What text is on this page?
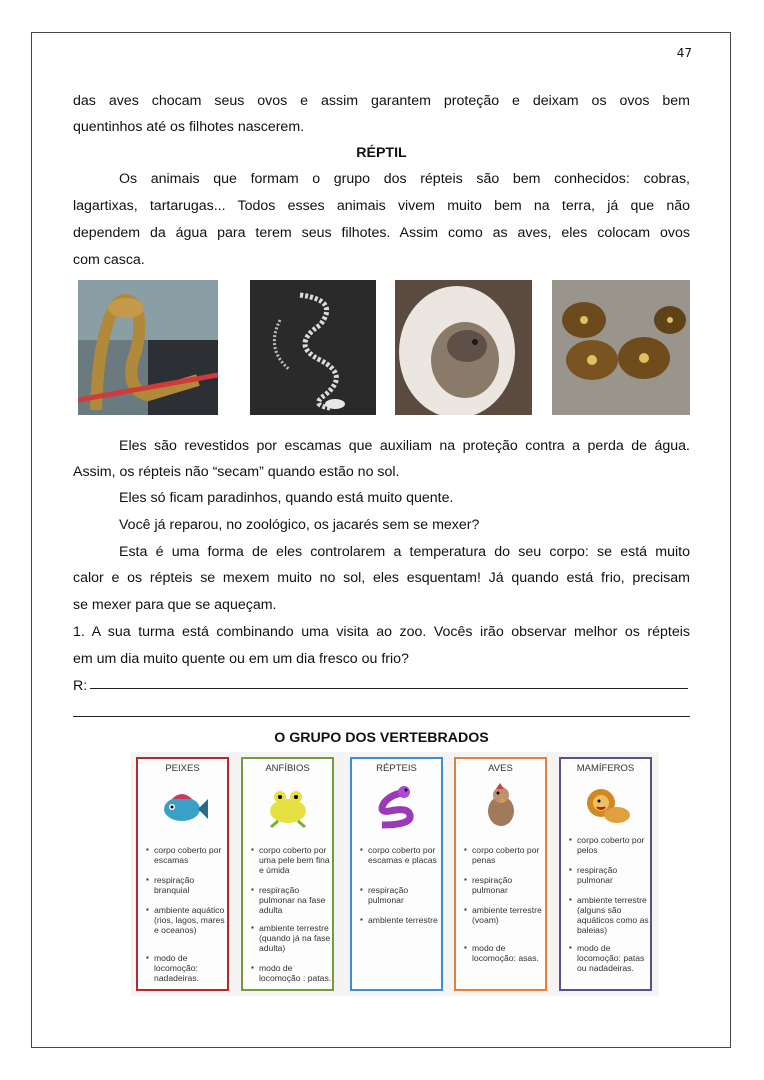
47

das aves chocam seus ovos e assim garantem proteção e deixam os ovos bem

quentinhos até os filhotes nascerem.

RÉPTIL

Os animais que formam o grupo dos répteis são bem conhecidos: cobras,

lagartixas, tartarugas... Todos esses animais vivem muito bem na terra, já que não

dependem da água para terem seus filhotes. Assim como as aves, eles colocam ovos

com casca.

Eles são revestidos por escamas que auxiliam na proteção contra a perda de água.

Assim, os répteis não “secam” quando estão no sol.

Eles só ficam paradinhos, quando está muito quente.

Você já reparou, no zoológico, os jacarés sem se mexer?

Esta é uma forma de eles controlarem a temperatura do seu corpo: se está muito

calor e os répteis se mexem muito no sol, eles esquentam! Já quando está frio, precisam

se mexer para que se aqueçam.

1. A sua turma está combinando uma visita ao zoo. Vocês irão observar melhor os répteis

em um dia muito quente ou em um dia fresco ou frio?

R:

O GRUPO DOS VERTEBRADOS

PEIXES

▪ corpo coberto por escamas

▪ respiração branquial

▪ ambiente aquático (rios, lagos, mares e oceanos)

▪ modo de locomoção: nadadeiras.

ANFÍBIOS

▪ corpo coberto por uma pele bem fina e úmida

▪ respiração pulmonar na fase adulta

▪ ambiente terrestre (quando já na fase adulta)

▪ modo de locomoção : patas.

RÉPTEIS

▪ corpo coberto por escamas e placas

▪ respiração pulmonar

▪ ambiente terrestre

AVES

▪ corpo coberto por penas

▪ respiração pulmonar

▪ ambiente terrestre (voam)

▪ modo de locomoção: asas.

MAMÍFEROS

▪ corpo coberto por pelos

▪ respiração pulmonar

▪ ambiente terrestre (alguns são aquáticos como as baleias)

▪ modo de locomoção: patas ou nadadeiras.
